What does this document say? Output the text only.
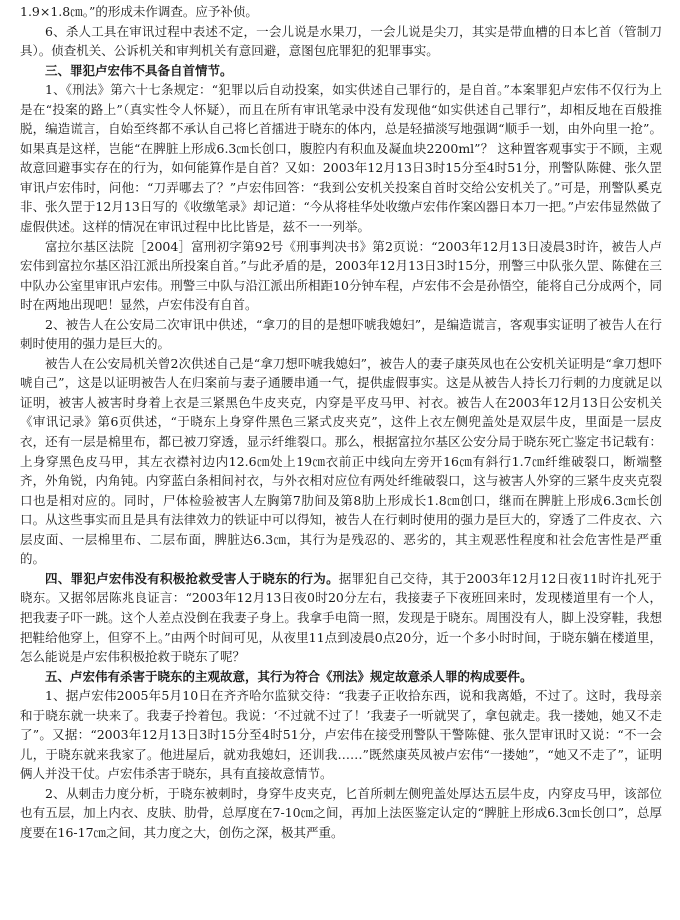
1.9×1.8㎝。”的形成未作调查。应予补侦。

6、杀人工具在审讯过程中表述不定，一会儿说是水果刀，一会儿说是尖刀，其实是带血槽的日本匕首（管制刀具）。侦查机关、公诉机关和审判机关有意回避，意图包庇罪犯的犯罪事实。

三、罪犯卢宏伟不具备自首情节。

1、《刑法》第六十七条规定：“犯罪以后自动投案，如实供述自己罪行的，是自首。”本案罪犯卢宏伟不仅行为上是在“投案的路上”（真实性令人怀疑），而且在所有审讯笔录中没有发现他“如实供述自己罪行”，却相反地在百般推脱，编造谎言，自始至终都不承认自己将匕首擂进于晓东的体内，总是轻描淡写地强调“顺手一划，由外向里一抢”。如果真是这样，岂能“在脾脏上形成6.3㎝长创口，腹腔内有积血及凝血块2200ml”？ 这种置客观事实于不顾，主观故意回避事实存在的行为，如何能算作是自首？又如：2003年12月13日3时15分至4时51分，刑警队陈健、张久罡审讯卢宏伟时，问他：“刀弄哪去了？”卢宏伟回答：“我到公安机关投案自首时交给公安机关了。”可是，刑警队奚克非、张久罡于12月13日写的《收缴笔录》却记道：“今从将桂华处收缴卢宏伟作案凶器日本刀一把。”卢宏伟显然做了虚假供述。这样的情况在审讯过程中比比皆是，兹不一一列举。

富拉尔基区法院［2004］富刑初字第92号《刑事判决书》第2页说：“2003年12月13日凌晨3时许，被告人卢宏伟到富拉尔基区沿江派出所投案自首。”与此矛盾的是，2003年12月13日3时15分，刑警三中队张久罡、陈健在三中队办公室里审讯卢宏伟。刑警三中队与沿江派出所相距10分钟车程，卢宏伟不会是孙悟空，能将自己分成两个，同时在两地出现吧！显然，卢宏伟没有自首。

2、被告人在公安局二次审讯中供述，“拿刀的目的是想吓唬我媳妇”，是编造谎言，客观事实证明了被告人在行刺时使用的强力是巨大的。

被告人在公安局机关曾2次供述自己是“拿刀想吓唬我媳妇”，被告人的妻子康英凤也在公安机关证明是“拿刀想吓唬自己”，这是以证明被告人在归案前与妻子通腰串通一气，提供虚假事实。这是从被告人持长刀行刺的力度就足以证明，被害人被害时身着上衣是三紧黑色牛皮夹克，内穿是平皮马甲、衬衣。被告人在2003年12月13日公安机关《审讯记录》第6页供述，“于晓东上身穿件黑色三紧式皮夹克”，这件上衣左侧兜盖处是双层牛皮，里面是一层皮衣，还有一层是棉里布，都已被刀穿透，显示纤维裂口。那么，根据富拉尔基区公安分局于晓东死亡鉴定书记载有：上身穿黑色皮马甲，其左衣襟衬边内12.6㎝处上19㎝衣前正中线向左旁开16㎝有斜行1.7㎝纤维破裂口，断端整齐，外角锐，内角钝。内穿蓝白条相间衬衣，与外衣相对应位有两处纤维破裂口，这与被害人外穿的三紧牛皮夹克裂口也是相对应的。同时，尸体检验被害人左胸第7肋间及第8肋上形成长1.8㎝创口，继而在脾脏上形成6.3㎝长创口。从这些事实而且是具有法律效力的铁证中可以得知，被告人在行刺时使用的强力是巨大的，穿透了二件皮衣、六层皮面、一层棉里布、二层布面，脾脏达6.3㎝，其行为是残忍的、恶劣的，其主观恶性程度和社会危害性是严重的。

四、罪犯卢宏伟没有积极抢救受害人于晓东的行为。据罪犯自己交待，其于2003年12月12日夜11时许扎死于晓东。又据邻居陈兆良证言：“2003年12月13日夜0时20分左右，我接妻子下夜班回来时，发现楼道里有一个人，把我妻子吓一跳。这个人差点没倒在我妻子身上。我拿手电筒一照，发现是于晓东。周围没有人，脚上没穿鞋，我想把鞋给他穿上，但穿不上。”由两个时间可见，从夜里11点到凌晨0点20分，近一个多小时时间，于晓东躺在楼道里，怎么能说是卢宏伟积极抢救于晓东了呢？

五、卢宏伟有杀害于晓东的主观故意，其行为符合《刑法》规定故意杀人罪的构成要件。

1、据卢宏伟2005年5月10日在齐齐哈尔监狱交待：“我妻子正收拾东西，说和我离婚，不过了。这时，我母亲和于晓东就一块来了。我妻子拎着包。我说：‘不过就不过了！’我妻子一听就哭了，拿包就走。我一搂她，她又不走了”。又据：“2003年12月13日3时15分至4时51分，卢宏伟在接受刑警队干警陈健、张久罡审讯时又说：“不一会儿，于晓东就来我家了。他进屋后，就劝我媳妇，还训我……”既然康英凤被卢宏伟“一搂她”，“她又不走了”，证明俩人并没干仗。卢宏伟杀害于晓东，具有直接故意情节。

2、从刺击力度分析，于晓东被刺时，身穿牛皮夹克，匕首所刺左侧兜盖处厚达五层牛皮，内穿皮马甲，该部位也有五层，加上内衣、皮肤、肋骨，总厚度在7-10㎝之间，再加上法医鉴定认定的“脾脏上形成6.3㎝长创口”，总厚度要在16-17㎝之间，其力度之大，创伤之深，极其严重。
